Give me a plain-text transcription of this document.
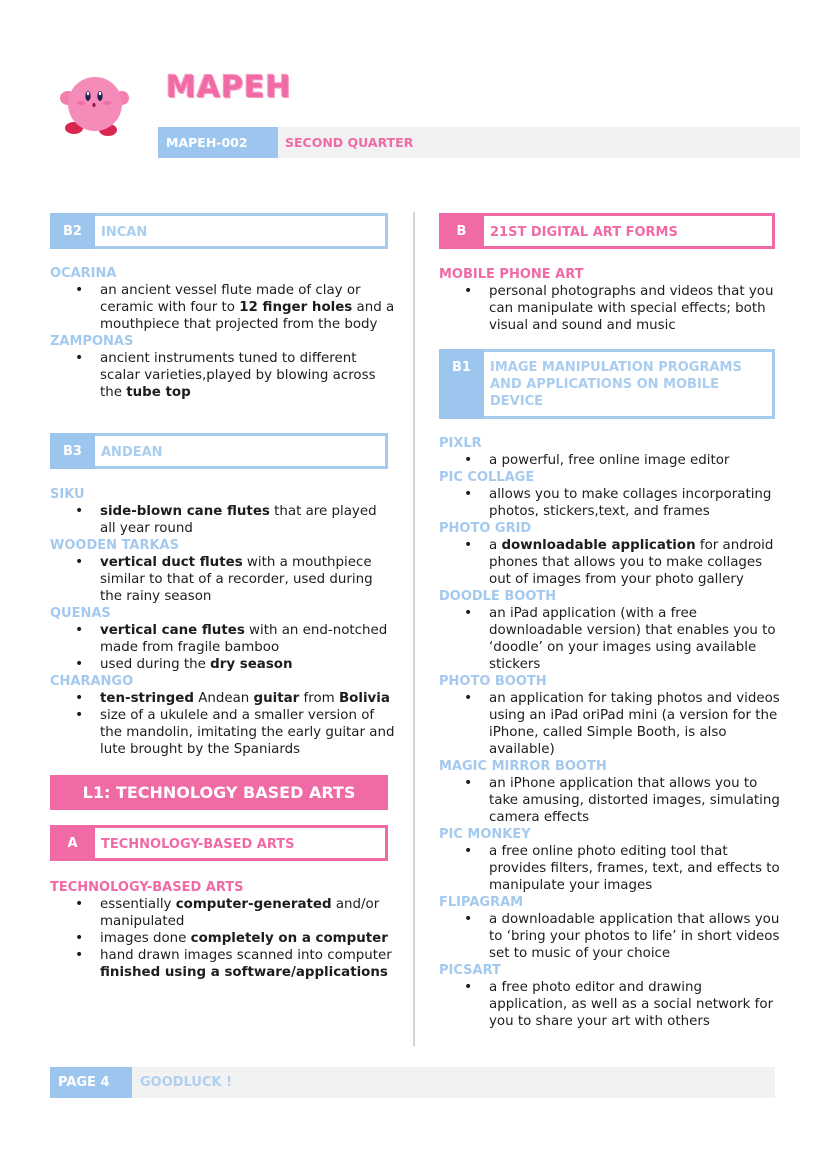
MAPEH
MAPEH-002	SECOND QUARTER
B2	INCAN
OCARINA
• an ancient vessel flute made of clay or ceramic with four to 12 finger holes and a mouthpiece that projected from the body
ZAMPONAS
• ancient instruments tuned to different scalar varieties,played by blowing across the tube top
B3	ANDEAN
SIKU
• side-blown cane flutes that are played all year round
WOODEN TARKAS
• vertical duct flutes with a mouthpiece similar to that of a recorder, used during the rainy season
QUENAS
• vertical cane flutes with an end-notched made from fragile bamboo
• used during the dry season
CHARANGO
• ten-stringed Andean guitar from Bolivia
• size of a ukulele and a smaller version of the mandolin, imitating the early guitar and lute brought by the Spaniards
L1: TECHNOLOGY BASED ARTS
A	TECHNOLOGY-BASED ARTS
TECHNOLOGY-BASED ARTS
• essentially computer-generated and/or manipulated
• images done completely on a computer
• hand drawn images scanned into computer finished using a software/applications
B	21ST DIGITAL ART FORMS
MOBILE PHONE ART
• personal photographs and videos that you can manipulate with special effects; both visual and sound and music
B1	IMAGE MANIPULATION PROGRAMS AND APPLICATIONS ON MOBILE DEVICE
PIXLR
• a powerful, free online image editor
PIC COLLAGE
• allows you to make collages incorporating photos, stickers,text, and frames
PHOTO GRID
• a downloadable application for android phones that allows you to make collages out of images from your photo gallery
DOODLE BOOTH
• an iPad application (with a free downloadable version) that enables you to ‘doodle’ on your images using available stickers
PHOTO BOOTH
• an application for taking photos and videos using an iPad oriPad mini (a version for the iPhone, called Simple Booth, is also available)
MAGIC MIRROR BOOTH
• an iPhone application that allows you to take amusing, distorted images, simulating camera effects
PIC MONKEY
• a free online photo editing tool that provides filters, frames, text, and effects to manipulate your images
FLIPAGRAM
• a downloadable application that allows you to ‘bring your photos to life’ in short videos set to music of your choice
PICSART
• a free photo editor and drawing application, as well as a social network for you to share your art with others
PAGE 4	GOODLUCK !
